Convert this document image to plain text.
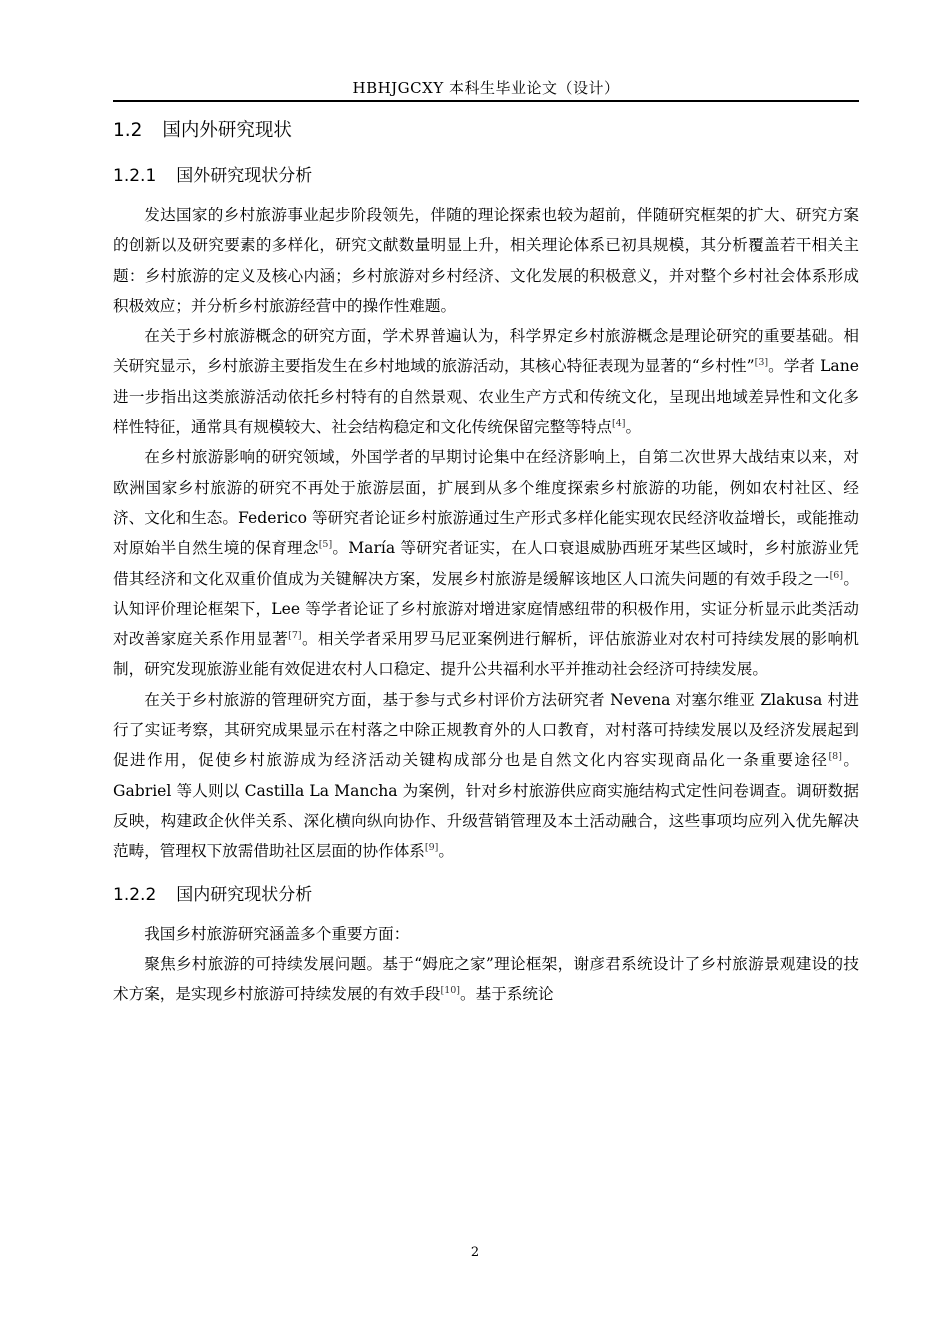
HBHJGCXY 本科生毕业论文（设计）
1.2 国内外研究现状
1.2.1 国外研究现状分析

发达国家的乡村旅游事业起步阶段领先，伴随的理论探索也较为超前，伴随研究框架的扩大、研究方案的创新以及研究要素的多样化，研究文献数量明显上升，相关理论体系已初具规模，其分析覆盖若干相关主题：乡村旅游的定义及核心内涵；乡村旅游对乡村经济、文化发展的积极意义，并对整个乡村社会体系形成积极效应；并分析乡村旅游经营中的操作性难题。

在关于乡村旅游概念的研究方面，学术界普遍认为，科学界定乡村旅游概念是理论研究的重要基础。相关研究显示，乡村旅游主要指发生在乡村地域的旅游活动，其核心特征表现为显著的“乡村性”[3]。学者 Lane 进一步指出这类旅游活动依托乡村特有的自然景观、农业生产方式和传统文化，呈现出地域差异性和文化多样性特征，通常具有规模较大、社会结构稳定和文化传统保留完整等特点[4]。

在乡村旅游影响的研究领域，外国学者的早期讨论集中在经济影响上，自第二次世界大战结束以来，对欧洲国家乡村旅游的研究不再处于旅游层面，扩展到从多个维度探索乡村旅游的功能，例如农村社区、经济、文化和生态。Federico 等研究者论证乡村旅游通过生产形式多样化能实现农民经济收益增长，或能推动对原始半自然生境的保育理念[5]。María 等研究者证实，在人口衰退威胁西班牙某些区域时，乡村旅游业凭借其经济和文化双重价值成为关键解决方案，发展乡村旅游是缓解该地区人口流失问题的有效手段之一[6]。 认知评价理论框架下，Lee 等学者论证了乡村旅游对增进家庭情感纽带的积极作用，实证分析显示此类活动对改善家庭关系作用显著[7]。相关学者采用罗马尼亚案例进行解析，评估旅游业对农村可持续发展的影响机制，研究发现旅游业能有效促进农村人口稳定、提升公共福利水平并推动社会经济可持续发展。

在关于乡村旅游的管理研究方面，基于参与式乡村评价方法研究者 Nevena 对塞尔维亚 Zlakusa 村进行了实证考察，其研究成果显示在村落之中除正规教育外的人口教育，对村落可持续发展以及经济发展起到促进作用，促使乡村旅游成为经济活动关键构成部分也是自然文化内容实现商品化一条重要途径[8]。 Gabriel 等人则以 Castilla La Mancha 为案例，针对乡村旅游供应商实施结构式定性问卷调查。调研数据反映，构建政企伙伴关系、深化横向纵向协作、升级营销管理及本土活动融合，这些事项均应列入优先解决范畴，管理权下放需借助社区层面的协作体系[9]。

1.2.2 国内研究现状分析

我国乡村旅游研究涵盖多个重要方面：

聚焦乡村旅游的可持续发展问题。基于“姆庇之家”理论框架，谢彦君系统设计了乡村旅游景观建设的技术方案，是实现乡村旅游可持续发展的有效手段[10]。基于系统论

2
